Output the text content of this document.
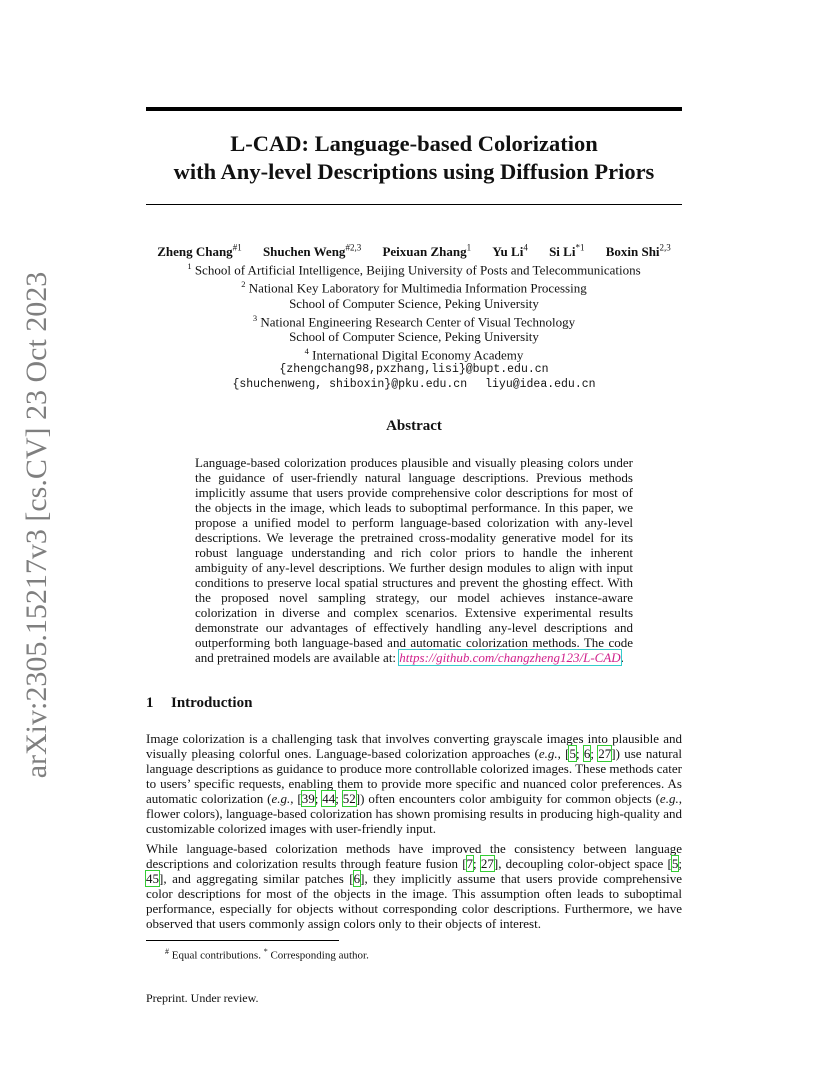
arXiv:2305.15217v3 [cs.CV] 23 Oct 2023
L-CAD: Language-based Colorization
with Any-level Descriptions using Diffusion Priors
Zheng Chang$^{\#1}$ Shuchen Weng$^{\#2,3}$ Peixuan Zhang$^1$ Yu Li$^4$ Si Li$^{*1}$ Boxin Shi$^{2,3}$
$^1$ School of Artificial Intelligence, Beijing University of Posts and Telecommunications
$^2$ National Key Laboratory for Multimedia Information Processing
School of Computer Science, Peking University
$^3$ National Engineering Research Center of Visual Technology
School of Computer Science, Peking University
$^4$ International Digital Economy Academy
{zhengchang98,pxzhang,lisi}@bupt.edu.cn
{shuchenweng, shiboxin}@pku.edu.cn liyu@idea.edu.cn
Abstract
Language-based colorization produces plausible and visually pleasing colors under the guidance of user-friendly natural language descriptions. Previous methods implicitly assume that users provide comprehensive color descriptions for most of the objects in the image, which leads to suboptimal performance. In this paper, we propose a unified model to perform language-based colorization with any-level descriptions. We leverage the pretrained cross-modality generative model for its robust language understanding and rich color priors to handle the inherent ambiguity of any-level descriptions. We further design modules to align with input conditions to preserve local spatial structures and prevent the ghosting effect. With the proposed novel sampling strategy, our model achieves instance-aware colorization in diverse and complex scenarios. Extensive experimental results demonstrate our advantages of effectively handling any-level descriptions and outperforming both language-based and automatic colorization methods. The code and pretrained models are available at: https://github.com/changzheng123/L-CAD.
1 Introduction
Image colorization is a challenging task that involves converting grayscale images into plausible and visually pleasing colorful ones. Language-based colorization approaches (e.g., [5; 6; 27]) use natural language descriptions as guidance to produce more controllable colorized images. These methods cater to users’ specific requests, enabling them to provide more specific and nuanced color preferences. As automatic colorization (e.g., [39; 44; 52]) often encounters color ambiguity for common objects (e.g., flower colors), language-based colorization has shown promising results in producing high-quality and customizable colorized images with user-friendly input.
While language-based colorization methods have improved the consistency between language descriptions and colorization results through feature fusion [7; 27], decoupling color-object space [5; 45], and aggregating similar patches [6], they implicitly assume that users provide comprehensive color descriptions for most of the objects in the image. This assumption often leads to suboptimal performance, especially for objects without corresponding color descriptions. Furthermore, we have observed that users commonly assign colors only to their objects of interest.
# Equal contributions. * Corresponding author.
Preprint. Under review.
